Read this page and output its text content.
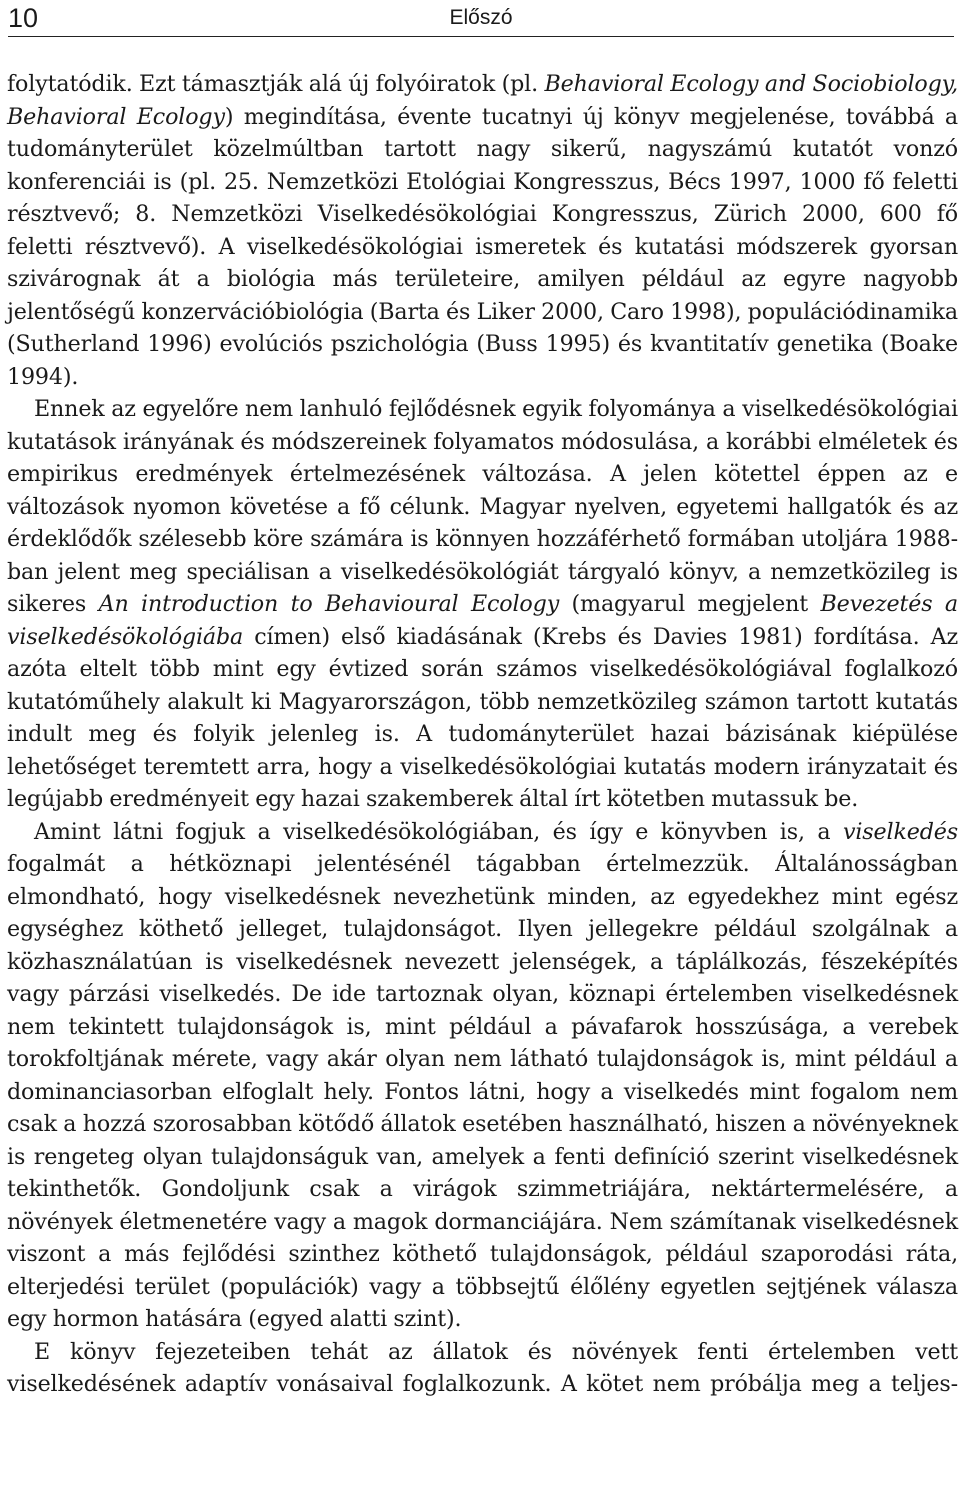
10	Előszó

folytatódik. Ezt támasztják alá új folyóiratok (pl. Behavioral Ecology and Sociobiology, Behavioral Ecology) megindítása, évente tucatnyi új könyv megjelenése, továbbá a tudományterület közelmúltban tartott nagy sikerű, nagyszámú kutatót vonzó konferenciái is (pl. 25. Nemzetközi Etológiai Kongresszus, Bécs 1997, 1000 fő feletti résztvevő; 8. Nemzetközi Viselkedésökológiai Kongresszus, Zürich 2000, 600 fő feletti résztvevő). A viselkedésökológiai ismeretek és kutatási módszerek gyorsan szivárognak át a biológia más területeire, amilyen például az egyre nagyobb jelentőségű konzervációbiológia (Barta és Liker 2000, Caro 1998), populációdinamika (Sutherland 1996) evolúciós pszichológia (Buss 1995) és kvantitatív genetika (Boake 1994).

Ennek az egyelőre nem lanhuló fejlődésnek egyik folyománya a viselkedésökológiai kutatások irányának és módszereinek folyamatos módosulása, a korábbi elméletek és empirikus eredmények értelmezésének változása. A jelen kötettel éppen az e változások nyomon követése a fő célunk. Magyar nyelven, egyetemi hallgatók és az érdeklődők szélesebb köre számára is könnyen hozzáférhető formában utoljára 1988-ban jelent meg speciálisan a viselkedésökológiát tárgyaló könyv, a nemzetközileg is sikeres An introduction to Behavioural Ecology (magyarul megjelent Bevezetés a viselkedésökológiába címen) első kiadásának (Krebs és Davies 1981) fordítása. Az azóta eltelt több mint egy évtized során számos viselkedésökológiával foglalkozó kutatóműhely alakult ki Magyarországon, több nemzetközileg számon tartott kutatás indult meg és folyik jelenleg is. A tudományterület hazai bázisának kiépülése lehetőséget teremtett arra, hogy a viselkedésökológiai kutatás modern irányzatait és legújabb eredményeit egy hazai szakemberek által írt kötetben mutassuk be.

Amint látni fogjuk a viselkedésökológiában, és így e könyvben is, a viselkedés fogalmát a hétköznapi jelentésénél tágabban értelmezzük. Általánosságban elmondható, hogy viselkedésnek nevezhetünk minden, az egyedekhez mint egész egységhez köthető jelleget, tulajdonságot. Ilyen jellegekre például szolgálnak a közhasználatúan is viselkedésnek nevezett jelenségek, a táplálkozás, fészeképítés vagy párzási viselkedés. De ide tartoznak olyan, köznapi értelemben viselkedésnek nem tekintett tulajdonságok is, mint például a pávafarok hosszúsága, a verebek torokfoltjának mérete, vagy akár olyan nem látható tulajdonságok is, mint például a dominanciasorban elfoglalt hely. Fontos látni, hogy a viselkedés mint fogalom nem csak a hozzá szorosabban kötődő állatok esetében használható, hiszen a növényeknek is rengeteg olyan tulajdonságuk van, amelyek a fenti definíció szerint viselkedésnek tekinthetők. Gondoljunk csak a virágok szimmetriájára, nektártermelésére, a növények életmenetére vagy a magok dormanciájára. Nem számítanak viselkedésnek viszont a más fejlődési szinthez köthető tulajdonságok, például szaporodási ráta, elterjedési terület (populációk) vagy a többsejtű élőlény egyetlen sejtjének válasza egy hormon hatására (egyed alatti szint).

E könyv fejezeteiben tehát az állatok és növények fenti értelemben vett viselkedésének adaptív vonásaival foglalkozunk. A kötet nem próbálja meg a teljes-
